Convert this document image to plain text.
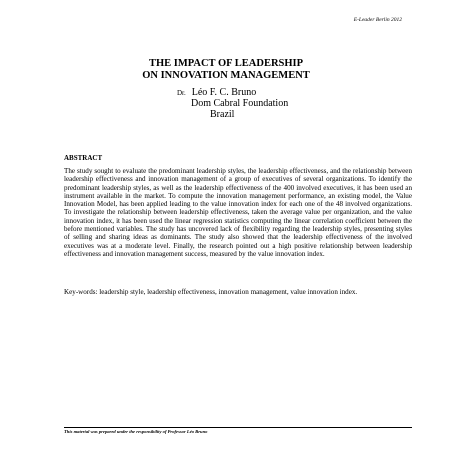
E-Leader Berlin 2012
THE IMPACT OF LEADERSHIP
ON INNOVATION MANAGEMENT
Dr. Léo F. C. Bruno
Dom Cabral Foundation
Brazil
ABSTRACT

The study sought to evaluate the predominant leadership styles, the leadership effectiveness, and the relationship between leadership effectiveness and innovation management of a group of executives of several organizations. To identify the predominant leadership styles, as well as the leadership effectiveness of the 400 involved executives, it has been used an instrument available in the market. To compute the innovation management performance, an existing model, the Value Innovation Model, has been applied leading to the value innovation index for each one of the 48 involved organizations. To investigate the relationship between leadership effectiveness, taken the average value per organization, and the value innovation index, it has been used the linear regression statistics computing the linear correlation coefficient between the before mentioned variables. The study has uncovered lack of flexibility regarding the leadership styles, presenting styles of selling and sharing ideas as dominants. The study also showed that the leadership effectiveness of the involved executives was at a moderate level. Finally, the research pointed out a high positive relationship between leadership effectiveness and innovation management success, measured by the value innovation index.

Key-words: leadership style, leadership effectiveness, innovation management, value innovation index.

This material was prepared under the responsibility of Professor Léo Bruno
